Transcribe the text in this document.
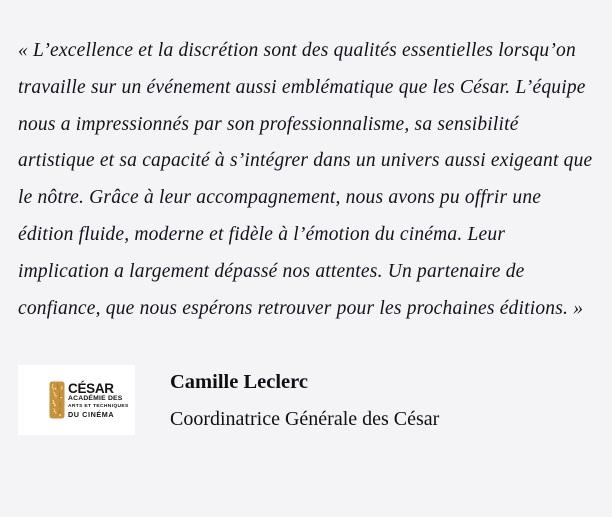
« L’excellence et la discrétion sont des qualités essentielles lorsqu’on
travaille sur un événement aussi emblématique que les César. L’équipe
nous a impressionnés par son professionnalisme, sa sensibilité
artistique et sa capacité à s’intégrer dans un univers aussi exigeant que
le nôtre. Grâce à leur accompagnement, nous avons pu offrir une
édition fluide, moderne et fidèle à l’émotion du cinéma. Leur
implication a largement dépassé nos attentes. Un partenaire de
confiance, que nous espérons retrouver pour les prochaines éditions. »
CÉSAR
ACADÉMIE DES
ARTS ET TECHNIQUES
DU CINÉMA
Camille Leclerc
Coordinatrice Générale des César
